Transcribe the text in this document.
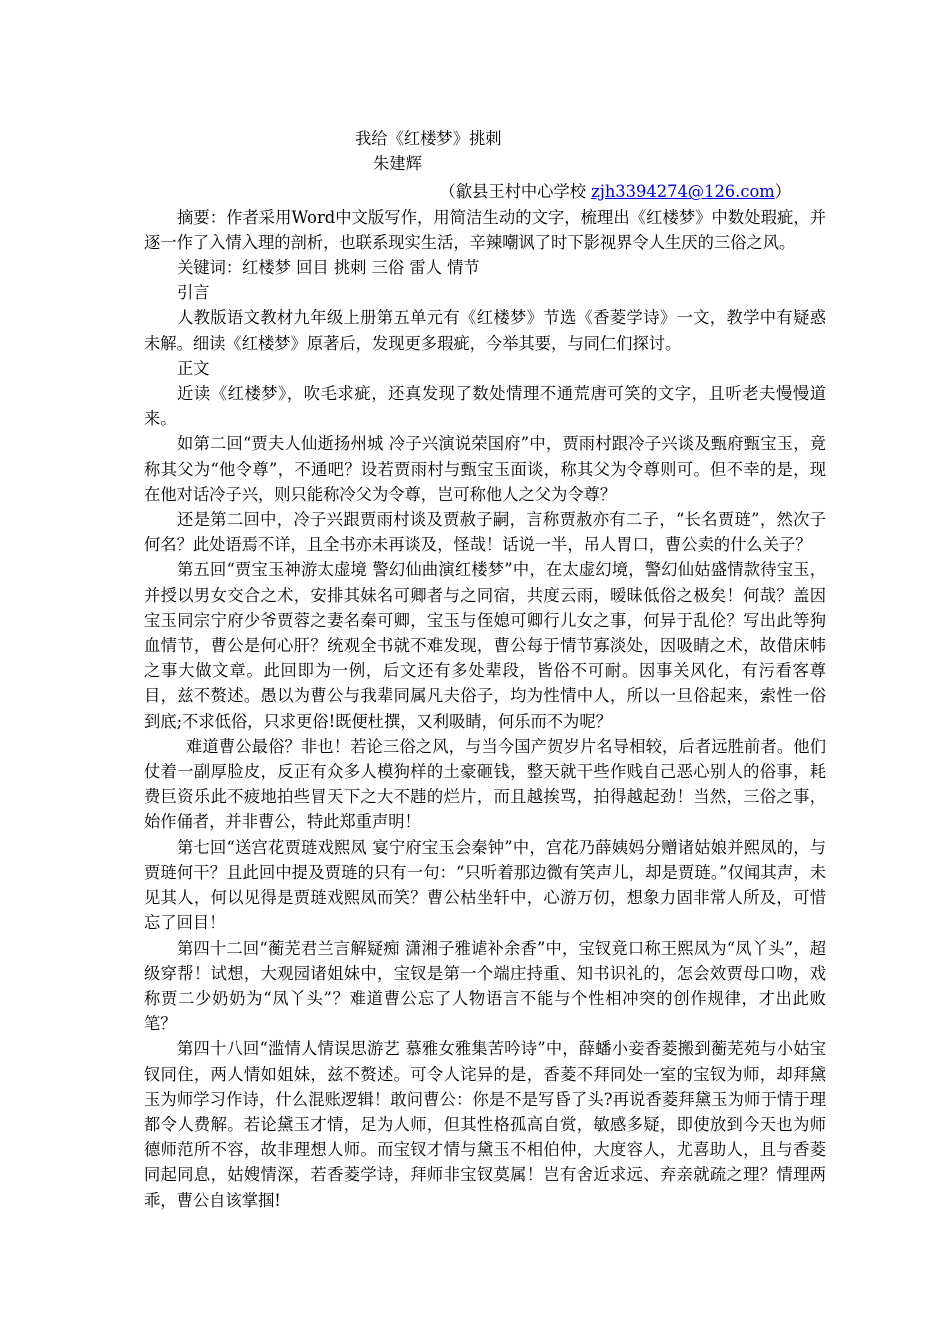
我给《红楼梦》挑刺

朱建辉

（歙县王村中心学校 zjh3394274@126.com）

摘要：作者采用Word中文版写作，用简洁生动的文字，梳理出《红楼梦》中数处瑕疵，并逐一作了入情入理的剖析，也联系现实生活，辛辣嘲讽了时下影视界令人生厌的三俗之风。

关键词：红楼梦 回目 挑刺 三俗 雷人 情节

引言

人教版语文教材九年级上册第五单元有《红楼梦》节选《香菱学诗》一文，教学中有疑惑未解。细读《红楼梦》原著后，发现更多瑕疵，今举其要，与同仁们探讨。

正文

近读《红楼梦》，吹毛求疵，还真发现了数处情理不通荒唐可笑的文字，且听老夫慢慢道来。

如第二回“贾夫人仙逝扬州城 冷子兴演说荣国府”中，贾雨村跟冷子兴谈及甄府甄宝玉，竟称其父为“他令尊”，不通吧？设若贾雨村与甄宝玉面谈，称其父为令尊则可。但不幸的是，现在他对话冷子兴，则只能称冷父为令尊，岂可称他人之父为令尊？

还是第二回中，冷子兴跟贾雨村谈及贾赦子嗣，言称贾赦亦有二子，“长名贾琏”，然次子何名？此处语焉不详，且全书亦未再谈及，怪哉！话说一半，吊人胃口，曹公卖的什么关子？

第五回“贾宝玉神游太虚境 警幻仙曲演红楼梦”中，在太虚幻境，警幻仙姑盛情款待宝玉，并授以男女交合之术，安排其妹名可卿者与之同宿，共度云雨，暧昧低俗之极矣！何哉？盖因宝玉同宗宁府少爷贾蓉之妻名秦可卿，宝玉与侄媳可卿行儿女之事，何异于乱伦？写出此等狗血情节，曹公是何心肝？统观全书就不难发现，曹公每于情节寡淡处，因吸睛之术，故借床帏之事大做文章。此回即为一例，后文还有多处辈段，皆俗不可耐。因事关风化，有污看客尊目，兹不赘述。愚以为曹公与我辈同属凡夫俗子，均为性情中人，所以一旦俗起来，索性一俗到底;不求低俗，只求更俗!既便杜撰，又利吸睛，何乐而不为呢？

难道曹公最俗？非也！若论三俗之风，与当今国产贺岁片名导相较，后者远胜前者。他们仗着一副厚脸皮，反正有众多人模狗样的土豪砸钱，整天就干些作贱自己恶心别人的俗事，耗费巨资乐此不疲地拍些冒天下之大不韪的烂片，而且越挨骂，拍得越起劲！当然，三俗之事，始作俑者，并非曹公，特此郑重声明！

第七回“送宫花贾琏戏熙凤 宴宁府宝玉会秦钟”中，宫花乃薛姨妈分赠诸姑娘并熙凤的，与贾琏何干？且此回中提及贾琏的只有一句：“只听着那边微有笑声儿，却是贾琏。”仅闻其声，未见其人，何以见得是贾琏戏熙凤而笑？曹公枯坐轩中，心游万仞，想象力固非常人所及，可惜忘了回目！

第四十二回“蘅芜君兰言解疑痴 潇湘子雅谑补余香”中，宝钗竟口称王熙凤为“凤丫头”，超级穿帮！试想，大观园诸姐妹中，宝钗是第一个端庄持重、知书识礼的，怎会效贾母口吻，戏称贾二少奶奶为“凤丫头”？难道曹公忘了人物语言不能与个性相冲突的创作规律，才出此败笔？

第四十八回“滥情人情误思游艺 慕雅女雅集苦吟诗”中，薛蟠小妾香菱搬到蘅芜苑与小姑宝钗同住，两人情如姐妹，兹不赘述。可令人诧异的是，香菱不拜同处一室的宝钗为师，却拜黛玉为师学习作诗，什么混账逻辑！敢问曹公：你是不是写昏了头?再说香菱拜黛玉为师于情于理都令人费解。若论黛玉才情，足为人师，但其性格孤高自赏，敏感多疑，即使放到今天也为师德师范所不容，故非理想人师。而宝钗才情与黛玉不相伯仲，大度容人，尤喜助人，且与香菱同起同息，姑嫂情深，若香菱学诗，拜师非宝钗莫属！岂有舍近求远、弃亲就疏之理？情理两乖，曹公自该掌掴!
